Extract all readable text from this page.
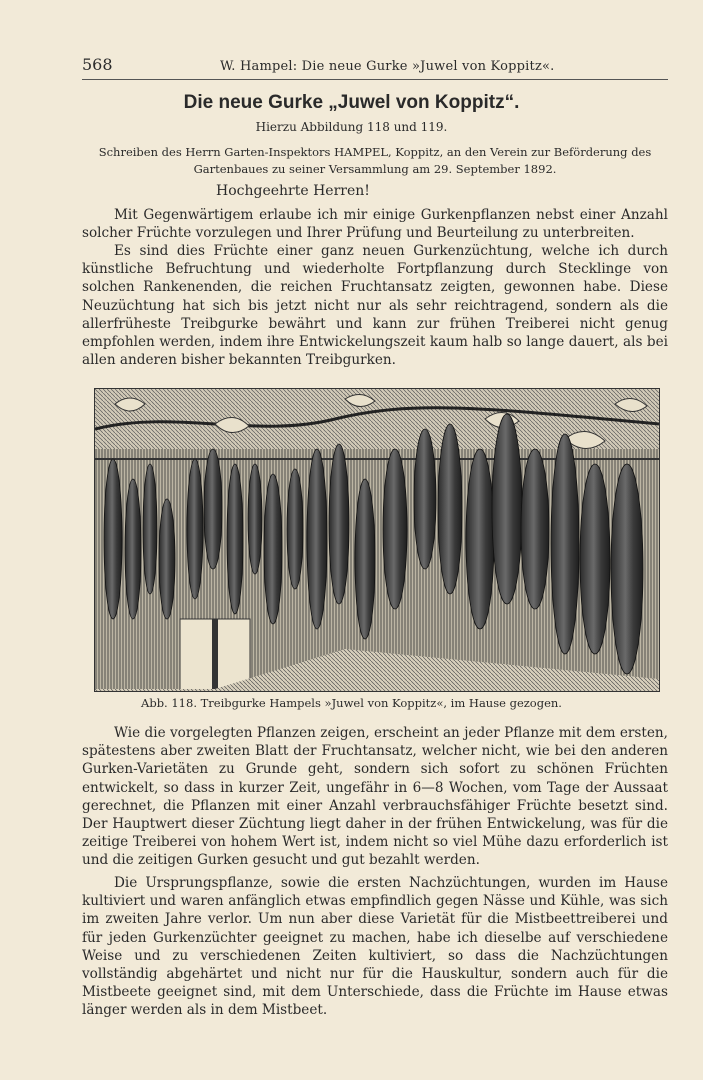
568	W. Hampel: Die neue Gurke »Juwel von Koppitz«.
Die neue Gurke „Juwel von Koppitz“.
Hierzu Abbildung 118 und 119.
Schreiben des Herrn Garten-Inspektors HAMPEL, Koppitz, an den Verein zur Beförderung des Gartenbaues zu seiner Versammlung am 29. September 1892.
Hochgeehrte Herren!

Mit Gegenwärtigem erlaube ich mir einige Gurkenpflanzen nebst einer Anzahl solcher Früchte vorzulegen und Ihrer Prüfung und Beurteilung zu unterbreiten.

Es sind dies Früchte einer ganz neuen Gurkenzüchtung, welche ich durch künstliche Befruchtung und wiederholte Fortpflanzung durch Stecklinge von solchen Rankenenden, die reichen Fruchtansatz zeigten, gewonnen habe. Diese Neuzüchtung hat sich bis jetzt nicht nur als sehr reichtragend, sondern als die allerfrüheste Treibgurke bewährt und kann zur frühen Treiberei nicht genug empfohlen werden, indem ihre Entwickelungszeit kaum halb so lange dauert, als bei allen anderen bisher bekannten Treibgurken.

Abb. 118. Treibgurke Hampels »Juwel von Koppitz«, im Hause gezogen.

Wie die vorgelegten Pflanzen zeigen, erscheint an jeder Pflanze mit dem ersten, spätestens aber zweiten Blatt der Fruchtansatz, welcher nicht, wie bei den anderen Gurken-Varietäten zu Grunde geht, sondern sich sofort zu schönen Früchten entwickelt, so dass in kurzer Zeit, ungefähr in 6—8 Wochen, vom Tage der Aussaat gerechnet, die Pflanzen mit einer Anzahl verbrauchsfähiger Früchte besetzt sind. Der Hauptwert dieser Züchtung liegt daher in der frühen Entwickelung, was für die zeitige Treiberei von hohem Wert ist, indem nicht so viel Mühe dazu erforderlich ist und die zeitigen Gurken gesucht und gut bezahlt werden.

Die Ursprungspflanze, sowie die ersten Nachzüchtungen, wurden im Hause kultiviert und waren anfänglich etwas empfindlich gegen Nässe und Kühle, was sich im zweiten Jahre verlor. Um nun aber diese Varietät für die Mistbeettreiberei und für jeden Gurkenzüchter geeignet zu machen, habe ich dieselbe auf verschiedene Weise und zu verschiedenen Zeiten kultiviert, so dass die Nachzüchtungen vollständig abgehärtet und nicht nur für die Hauskultur, sondern auch für die Mistbeete geeignet sind, mit dem Unterschiede, dass die Früchte im Hause etwas länger werden als in dem Mistbeet.
